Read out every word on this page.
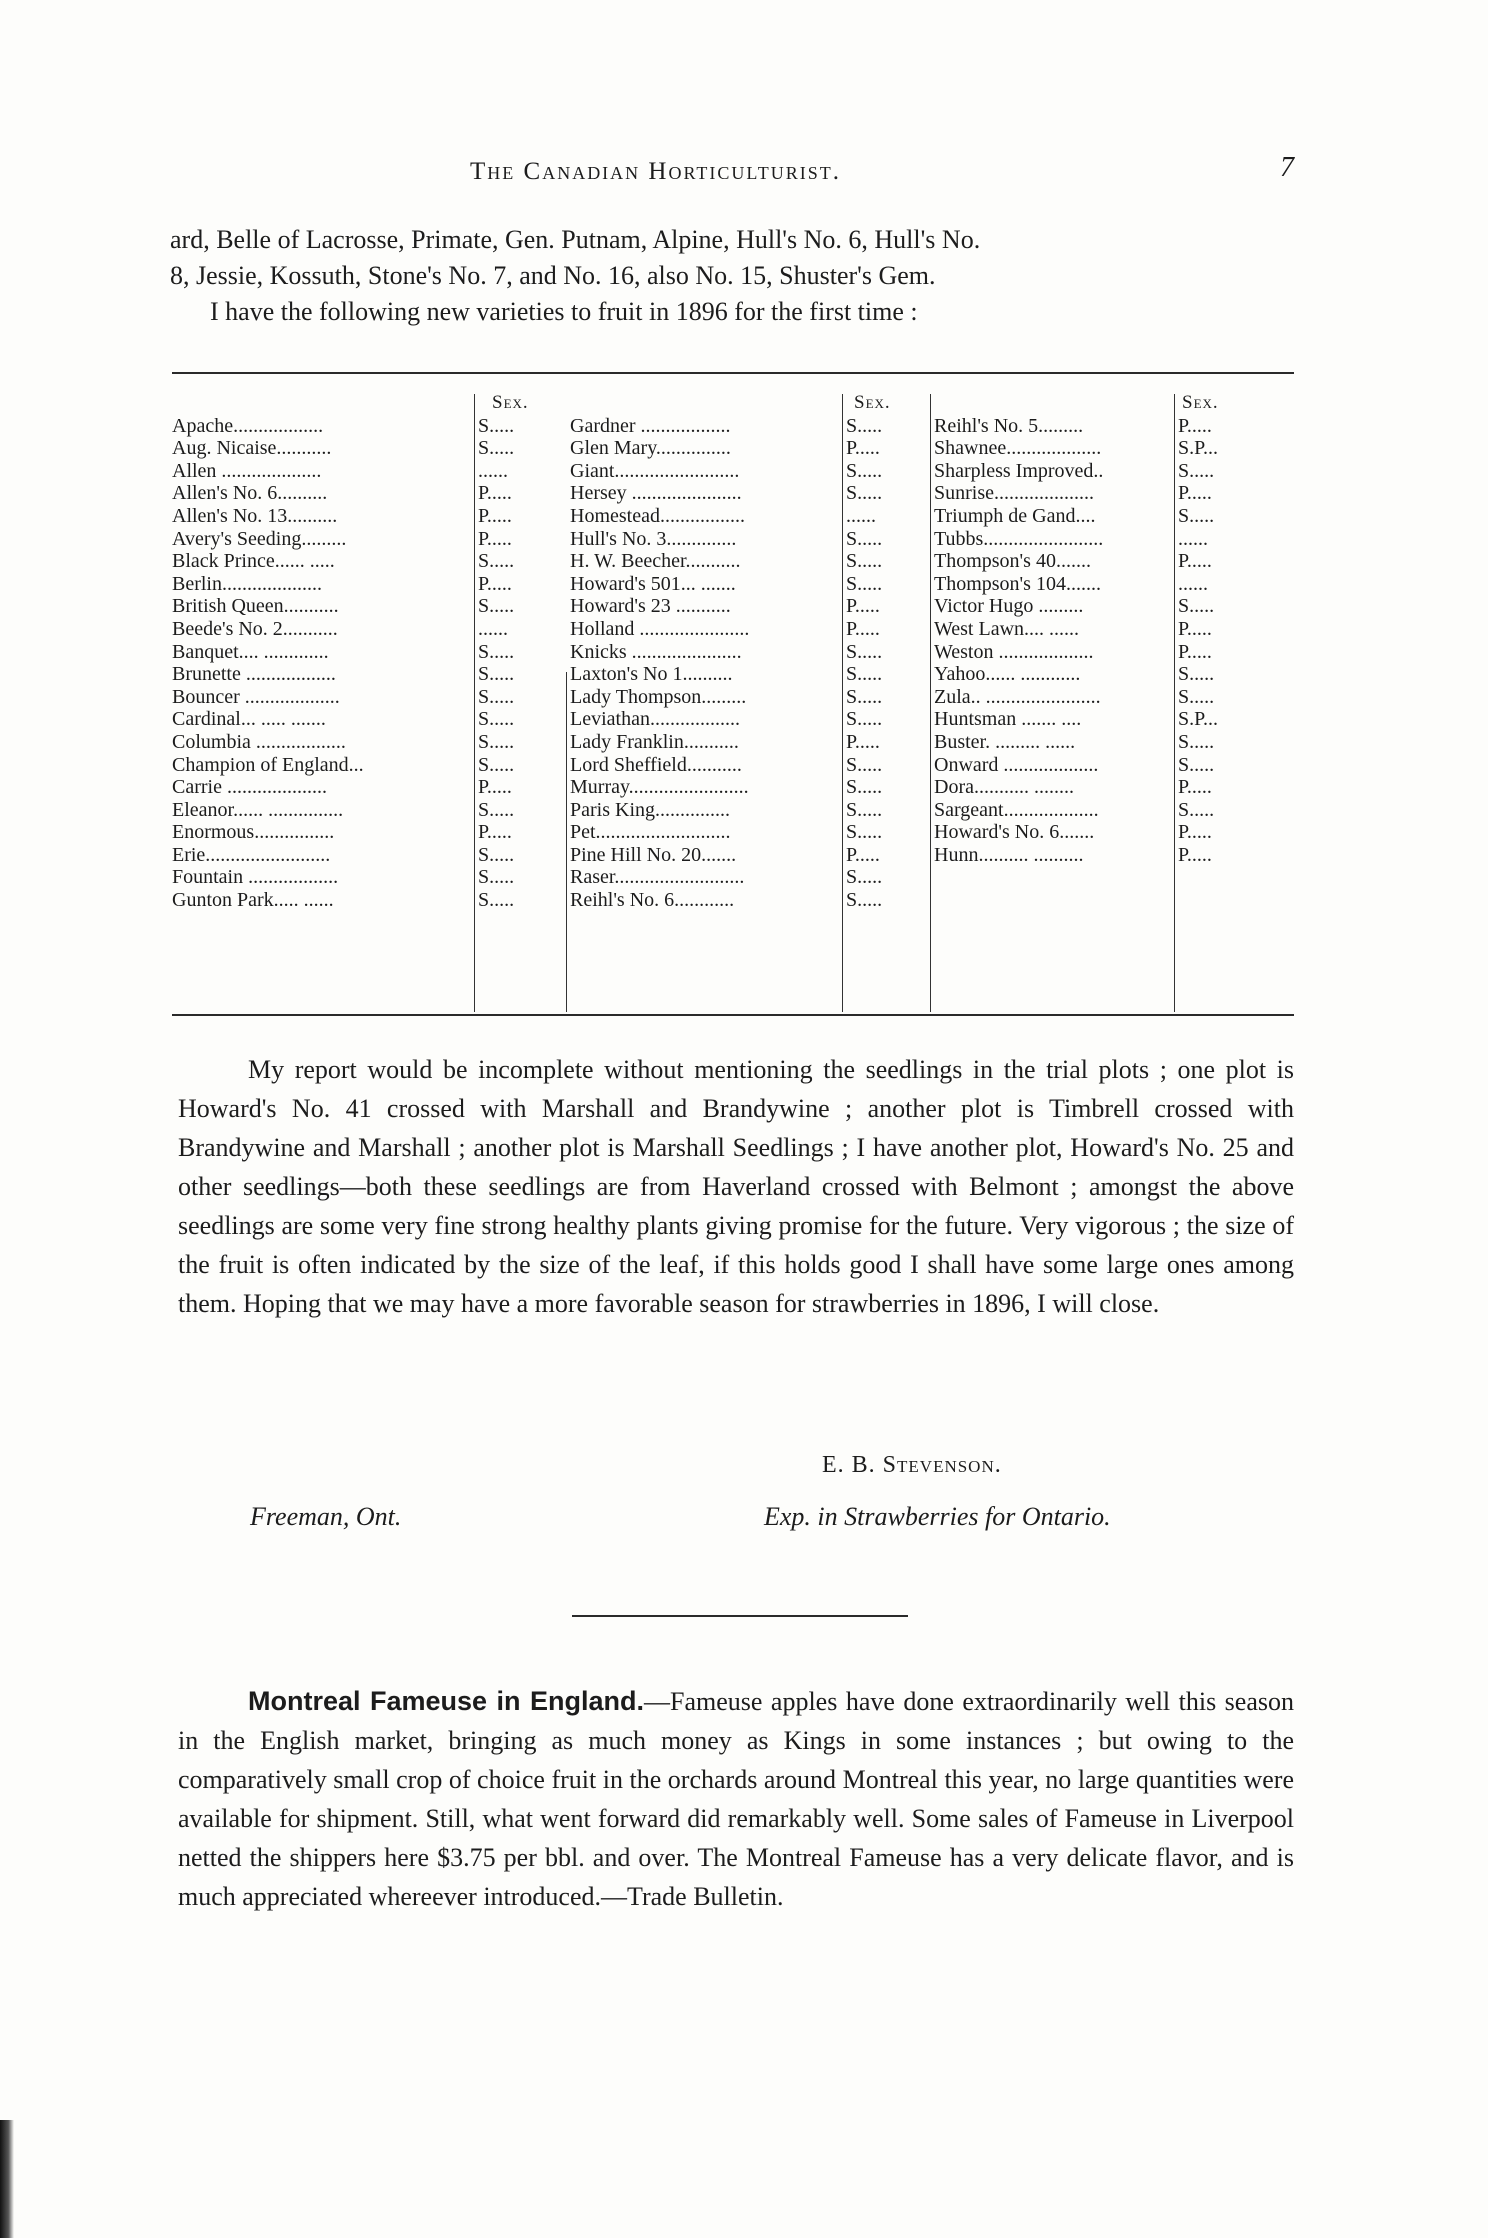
The Canadian Horticulturist.	7

ard, Belle of Lacrosse, Primate, Gen. Putnam, Alpine, Hull's No. 6, Hull's No.

8, Jessie, Kossuth, Stone's No. 7, and No. 16, also No. 15, Shuster's Gem.

I have the following new varieties to fruit in 1896 for the first time :

Apache..................
Aug. Nicaise...........
Allen ....................
Allen's No. 6..........
Allen's No. 13..........
Avery's Seeding.........
Black Prince...... .....
Berlin....................
British Queen...........
Beede's No. 2...........
Banquet.... .............
Brunette ..................
Bouncer ...................
Cardinal... ..... .......
Columbia ..................
Champion of England...
Carrie ....................
Eleanor...... ...............
Enormous................
Erie.........................
Fountain ..................
Gunton Park..... ......
Sex.
S.....
S.....
......
P.....
P.....
P.....
S.....
P.....
S.....
......
S.....
S.....
S.....
S.....
S.....
S.....
P.....
S.....
P.....
S.....
S.....
S.....
Gardner ..................
Glen Mary...............
Giant.........................
Hersey ......................
Homestead.................
Hull's No. 3..............
H. W. Beecher...........
Howard's 501... .......
Howard's 23 ...........
Holland ......................
Knicks ......................
Laxton's No 1..........
Lady Thompson.........
Leviathan..................
Lady Franklin...........
Lord Sheffield...........
Murray........................
Paris King...............
Pet...........................
Pine Hill No. 20.......
Raser..........................
Reihl's No. 6............
Sex.
S.....
P.....
S.....
S.....
......
S.....
S.....
S.....
P.....
P.....
S.....
S.....
S.....
S.....
P.....
S.....
S.....
S.....
S.....
P.....
S.....
S.....
Reihl's No. 5.........
Shawnee...................
Sharpless Improved..
Sunrise....................
Triumph de Gand....
Tubbs........................
Thompson's 40.......
Thompson's 104.......
Victor Hugo .........
West Lawn.... ......
Weston ...................
Yahoo...... ............
Zula.. .......................
Huntsman ....... ....
Buster. ......... ......
Onward ...................
Dora........... ........
Sargeant...................
Howard's No. 6.......
Hunn.......... ..........
Sex.
P.....
S.P...
S.....
P.....
S.....
......
P.....
......
S.....
P.....
P.....
S.....
S.....
S.P...
S.....
S.....
P.....
S.....
P.....
P.....

My report would be incomplete without mentioning the seedlings in the trial plots ; one plot is Howard's No. 41 crossed with Marshall and Brandywine ; another plot is Timbrell crossed with Brandywine and Marshall ; another plot is Marshall Seedlings ; I have another plot, Howard's No. 25 and other seedlings—both these seedlings are from Haverland crossed with Belmont ; amongst the above seedlings are some very fine strong healthy plants giving promise for the future. Very vigorous ; the size of the fruit is often indicated by the size of the leaf, if this holds good I shall have some large ones among them. Hoping that we may have a more favorable season for strawberries in 1896, I will close.

E. B. Stevenson.
Freeman, Ont.	Exp. in Strawberries for Ontario.

Montreal Fameuse in England.—Fameuse apples have done extraordinarily well this season in the English market, bringing as much money as Kings in some instances ; but owing to the comparatively small crop of choice fruit in the orchards around Montreal this year, no large quantities were available for shipment. Still, what went forward did remarkably well. Some sales of Fameuse in Liverpool netted the shippers here $3.75 per bbl. and over. The Montreal Fameuse has a very delicate flavor, and is much appreciated whereever introduced.—Trade Bulletin.
